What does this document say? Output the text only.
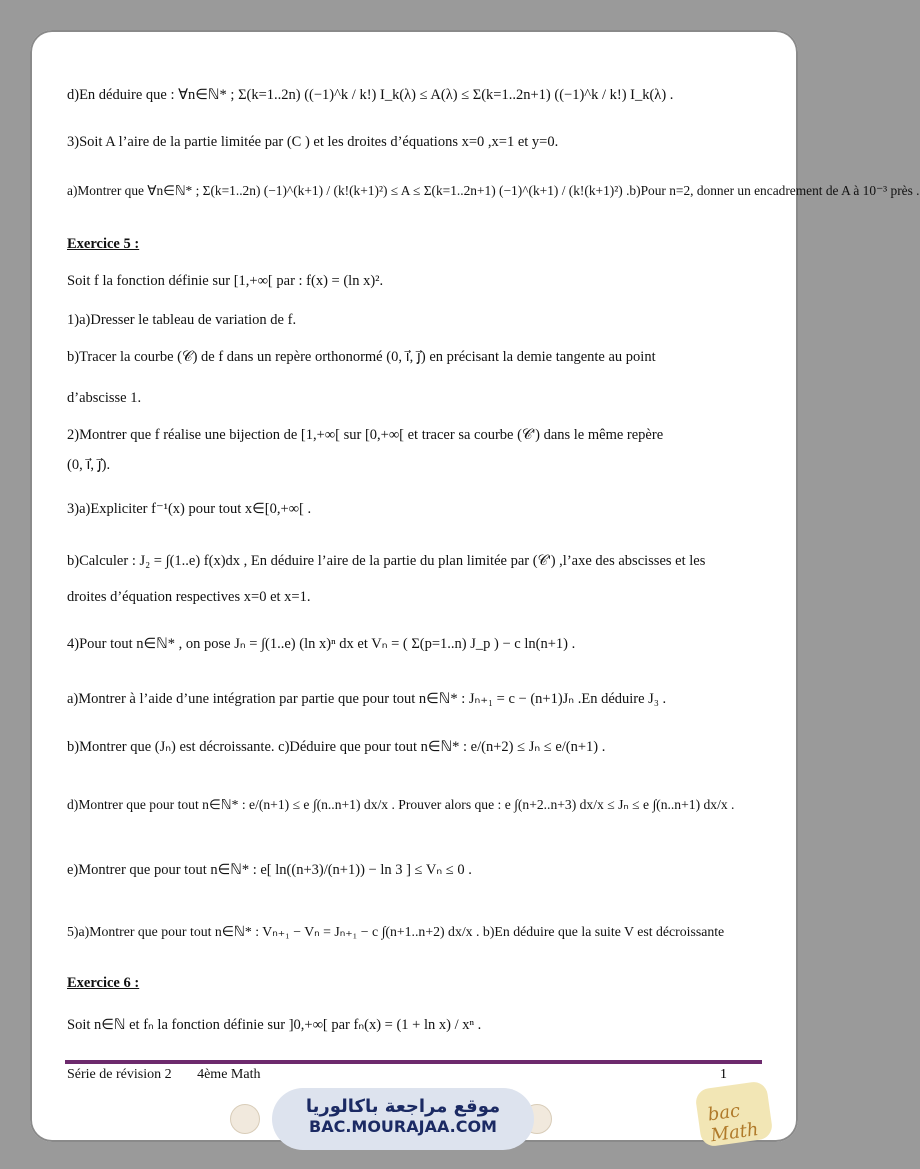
d)En déduire que : ∀n∈ℕ* ; Σ(k=1..2n) ((−1)^k / k!) I_k(λ) ≤ A(λ) ≤ Σ(k=1..2n+1) ((−1)^k / k!) I_k(λ) .
3)Soit A l’aire de la partie limitée par (C ) et les droites d’équations x=0 ,x=1 et y=0.
a)Montrer que ∀n∈ℕ* ; Σ(k=1..2n) (−1)^(k+1) / (k!(k+1)²) ≤ A ≤ Σ(k=1..2n+1) (−1)^(k+1) / (k!(k+1)²) .b)Pour n=2, donner un encadrement de A à 10⁻³ près .
Exercice 5 :
Soit f la fonction définie sur [1,+∞[ par : f(x) = (ln x)².
1)a)Dresser le tableau de variation de f.
b)Tracer la courbe (𝒞) de f dans un repère orthonormé (0, i⃗, j⃗) en précisant la demie tangente au point
d’abscisse 1.
2)Montrer que f réalise une bijection de [1,+∞[ sur [0,+∞[ et tracer sa courbe (𝒞') dans le même repère
(0, i⃗, j⃗).
3)a)Expliciter f⁻¹(x) pour tout x∈[0,+∞[ .
b)Calculer : J₂ = ∫(1..e) f(x)dx , En déduire l’aire de la partie du plan limitée par (𝒞') ,l’axe des abscisses et les
droites d’équation respectives x=0 et x=1.
4)Pour tout n∈ℕ* , on pose Jₙ = ∫(1..e) (ln x)ⁿ dx et Vₙ = ( Σ(p=1..n) J_p ) − c ln(n+1) .
a)Montrer à l’aide d’une intégration par partie que pour tout n∈ℕ* : Jₙ₊₁ = c − (n+1)Jₙ .En déduire J₃ .
b)Montrer que (Jₙ) est décroissante. c)Déduire que pour tout n∈ℕ* : e/(n+2) ≤ Jₙ ≤ e/(n+1) .
d)Montrer que pour tout n∈ℕ* : e/(n+1) ≤ e ∫(n..n+1) dx/x . Prouver alors que : e ∫(n+2..n+3) dx/x ≤ Jₙ ≤ e ∫(n..n+1) dx/x .
e)Montrer que pour tout n∈ℕ* : e[ ln((n+3)/(n+1)) − ln 3 ] ≤ Vₙ ≤ 0 .
5)a)Montrer que pour tout n∈ℕ* : Vₙ₊₁ − Vₙ = Jₙ₊₁ − c ∫(n+1..n+2) dx/x . b)En déduire que la suite V est décroissante
Exercice 6 :
Soit n∈ℕ et fₙ la fonction définie sur ]0,+∞[ par fₙ(x) = (1 + ln x) / xⁿ .
Série de révision 2 4ème Math	1
موقع مراجعة باكالوريا
BAC.MOURAJAA.COM
bac Math
